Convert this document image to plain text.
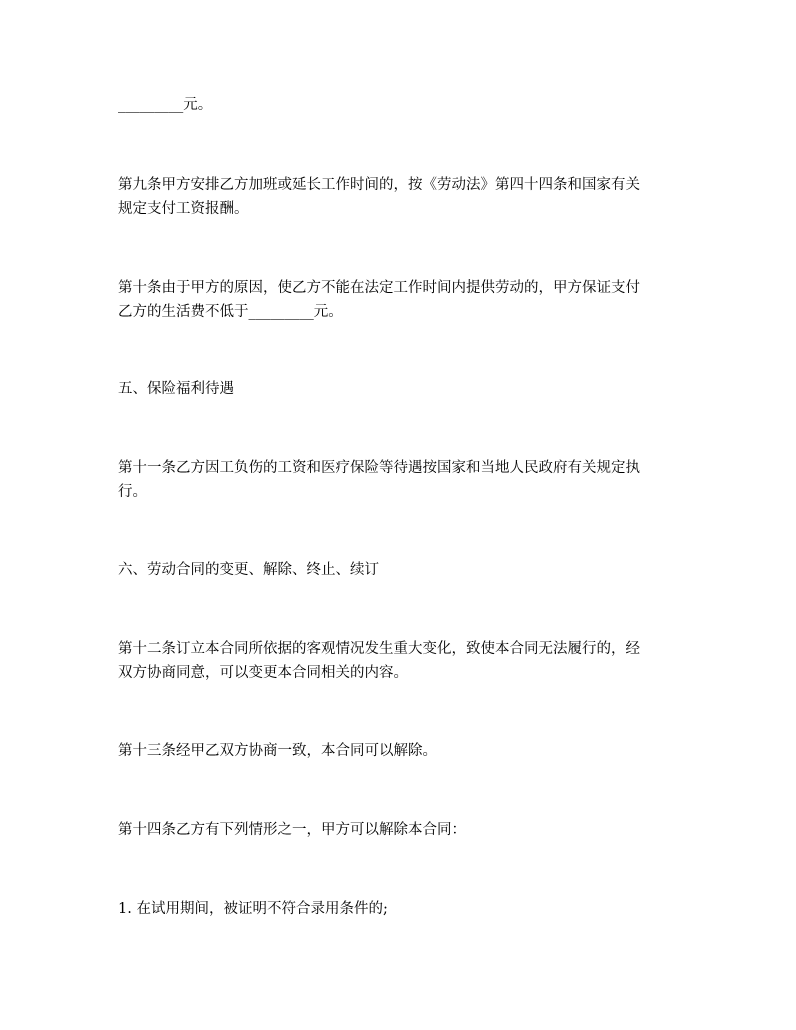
_________元。

第九条甲方安排乙方加班或延长工作时间的，按《劳动法》第四十四条和国家有关
规定支付工资报酬。

第十条由于甲方的原因，使乙方不能在法定工作时间内提供劳动的，甲方保证支付
乙方的生活费不低于_________元。

五、保险福利待遇

第十一条乙方因工负伤的工资和医疗保险等待遇按国家和当地人民政府有关规定执
行。

六、劳动合同的变更、解除、终止、续订

第十二条订立本合同所依据的客观情况发生重大变化，致使本合同无法履行的，经
双方协商同意，可以变更本合同相关的内容。

第十三条经甲乙双方协商一致，本合同可以解除。

第十四条乙方有下列情形之一，甲方可以解除本合同：

1. 在试用期间，被证明不符合录用条件的;
